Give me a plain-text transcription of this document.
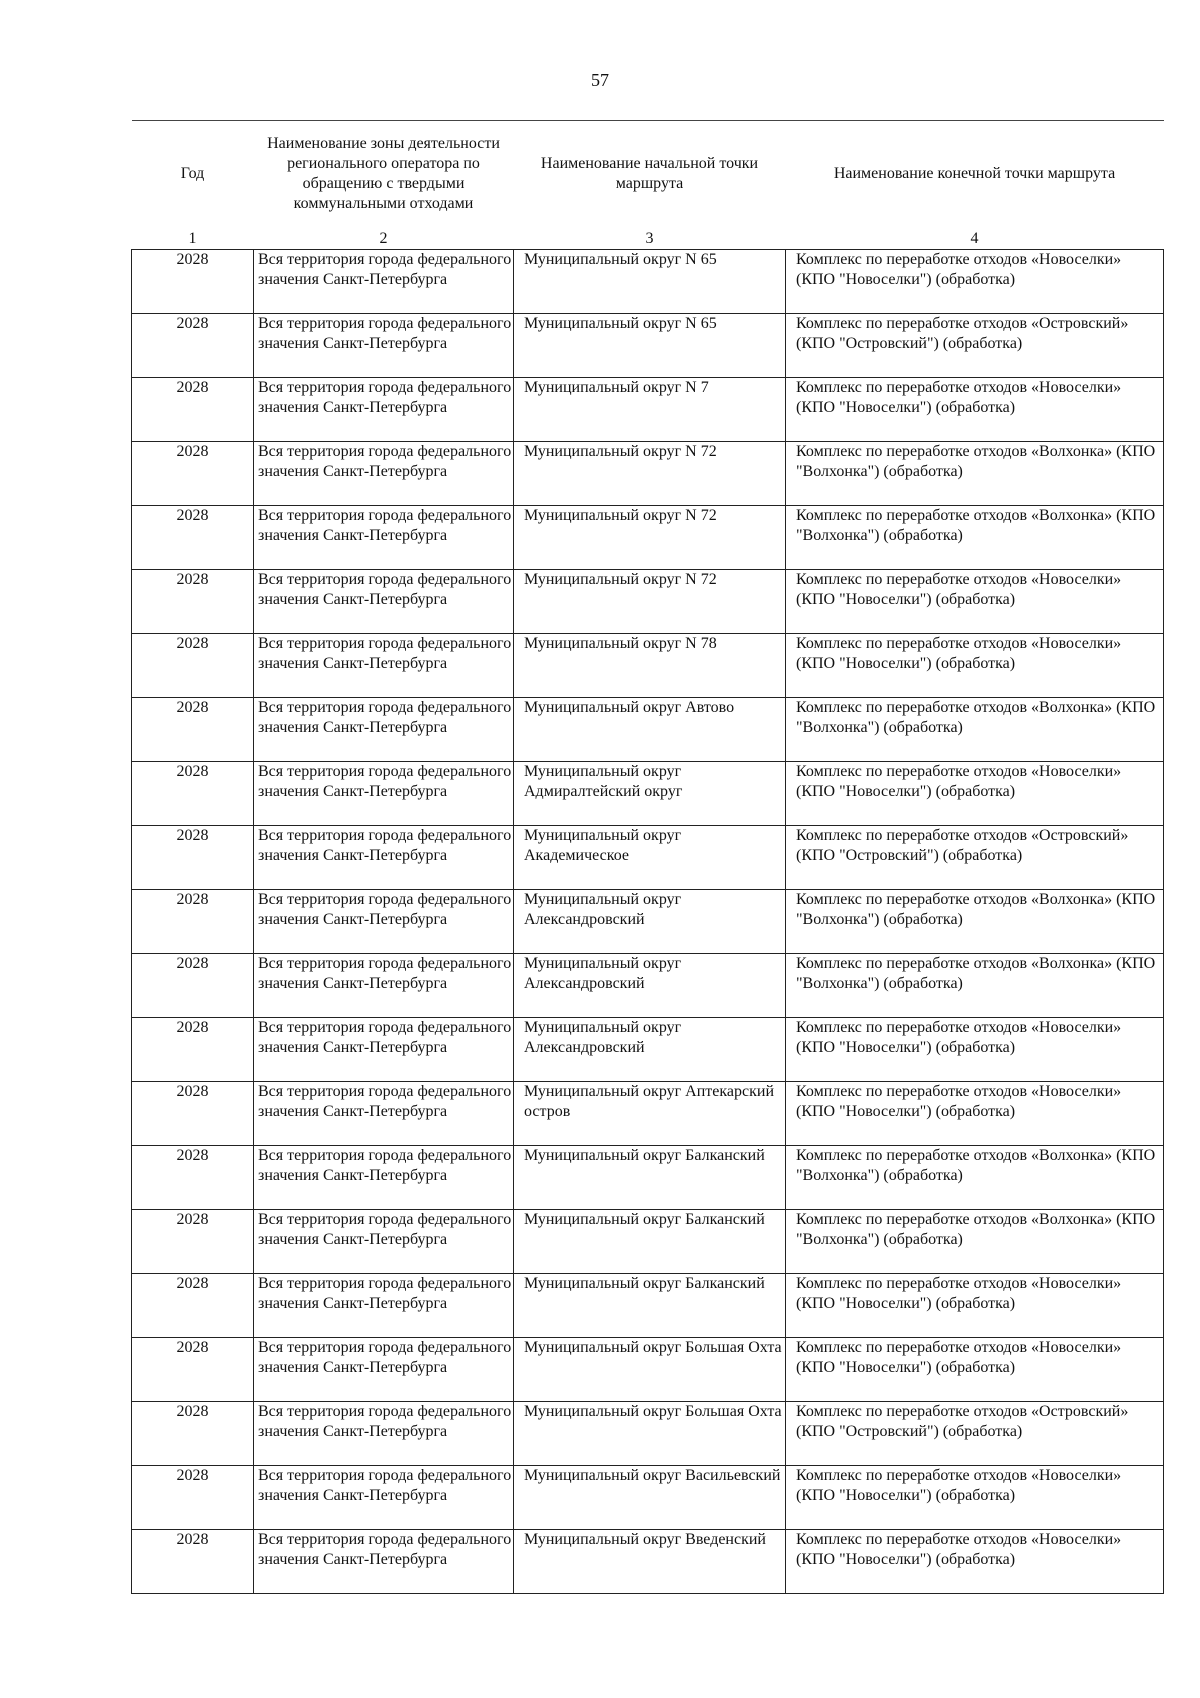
57
Год	Наименование зоны деятельности регионального оператора по обращению с твердыми коммунальными отходами	Наименование начальной точки маршрута	Наименование конечной точки маршрута
1	2	3	4
2028	Вся территория города федерального значения Санкт-Петербурга	Муниципальный округ N 65	Комплекс по переработке отходов «Новоселки» (КПО "Новоселки") (обработка)
2028	Вся территория города федерального значения Санкт-Петербурга	Муниципальный округ N 65	Комплекс по переработке отходов «Островский» (КПО "Островский") (обработка)
2028	Вся территория города федерального значения Санкт-Петербурга	Муниципальный округ N 7	Комплекс по переработке отходов «Новоселки» (КПО "Новоселки") (обработка)
2028	Вся территория города федерального значения Санкт-Петербурга	Муниципальный округ N 72	Комплекс по переработке отходов «Волхонка» (КПО "Волхонка") (обработка)
2028	Вся территория города федерального значения Санкт-Петербурга	Муниципальный округ N 72	Комплекс по переработке отходов «Волхонка» (КПО "Волхонка") (обработка)
2028	Вся территория города федерального значения Санкт-Петербурга	Муниципальный округ N 72	Комплекс по переработке отходов «Новоселки» (КПО "Новоселки") (обработка)
2028	Вся территория города федерального значения Санкт-Петербурга	Муниципальный округ N 78	Комплекс по переработке отходов «Новоселки» (КПО "Новоселки") (обработка)
2028	Вся территория города федерального значения Санкт-Петербурга	Муниципальный округ Автово	Комплекс по переработке отходов «Волхонка» (КПО "Волхонка") (обработка)
2028	Вся территория города федерального значения Санкт-Петербурга	Муниципальный округ Адмиралтейский округ	Комплекс по переработке отходов «Новоселки» (КПО "Новоселки") (обработка)
2028	Вся территория города федерального значения Санкт-Петербурга	Муниципальный округ Академическое	Комплекс по переработке отходов «Островский» (КПО "Островский") (обработка)
2028	Вся территория города федерального значения Санкт-Петербурга	Муниципальный округ Александровский	Комплекс по переработке отходов «Волхонка» (КПО "Волхонка") (обработка)
2028	Вся территория города федерального значения Санкт-Петербурга	Муниципальный округ Александровский	Комплекс по переработке отходов «Волхонка» (КПО "Волхонка") (обработка)
2028	Вся территория города федерального значения Санкт-Петербурга	Муниципальный округ Александровский	Комплекс по переработке отходов «Новоселки» (КПО "Новоселки") (обработка)
2028	Вся территория города федерального значения Санкт-Петербурга	Муниципальный округ Аптекарский остров	Комплекс по переработке отходов «Новоселки» (КПО "Новоселки") (обработка)
2028	Вся территория города федерального значения Санкт-Петербурга	Муниципальный округ Балканский	Комплекс по переработке отходов «Волхонка» (КПО "Волхонка") (обработка)
2028	Вся территория города федерального значения Санкт-Петербурга	Муниципальный округ Балканский	Комплекс по переработке отходов «Волхонка» (КПО "Волхонка") (обработка)
2028	Вся территория города федерального значения Санкт-Петербурга	Муниципальный округ Балканский	Комплекс по переработке отходов «Новоселки» (КПО "Новоселки") (обработка)
2028	Вся территория города федерального значения Санкт-Петербурга	Муниципальный округ Большая Охта	Комплекс по переработке отходов «Новоселки» (КПО "Новоселки") (обработка)
2028	Вся территория города федерального значения Санкт-Петербурга	Муниципальный округ Большая Охта	Комплекс по переработке отходов «Островский» (КПО "Островский") (обработка)
2028	Вся территория города федерального значения Санкт-Петербурга	Муниципальный округ Васильевский	Комплекс по переработке отходов «Новоселки» (КПО "Новоселки") (обработка)
2028	Вся территория города федерального значения Санкт-Петербурга	Муниципальный округ Введенский	Комплекс по переработке отходов «Новоселки» (КПО "Новоселки") (обработка)
